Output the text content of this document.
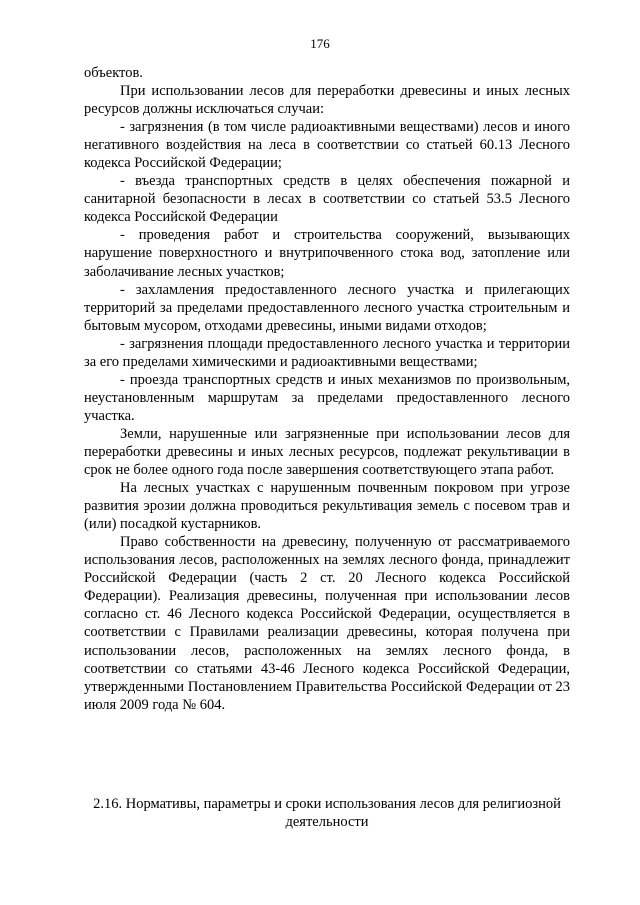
176

объектов.

При использовании лесов для переработки древесины и иных лесных ресурсов должны исключаться случаи:

- загрязнения (в том числе радиоактивными веществами) лесов и иного негативного воздействия на леса в соответствии со статьей 60.13 Лесного кодекса Российской Федерации;

- въезда транспортных средств в целях обеспечения пожарной и санитарной безопасности в лесах в соответствии со статьей 53.5 Лесного кодекса Российской Федерации

- проведения работ и строительства сооружений, вызывающих нарушение поверхностного и внутрипочвенного стока вод, затопление или заболачивание лесных участков;

- захламления предоставленного лесного участка и прилегающих территорий за пределами предоставленного лесного участка строительным и бытовым мусором, отходами древесины, иными видами отходов;

- загрязнения площади предоставленного лесного участка и территории за его пределами химическими и радиоактивными веществами;

- проезда транспортных средств и иных механизмов по произвольным, неустановленным маршрутам за пределами предоставленного лесного участка.

Земли, нарушенные или загрязненные при использовании лесов для переработки древесины и иных лесных ресурсов, подлежат рекультивации в срок не более одного года после завершения соответствующего этапа работ.

На лесных участках с нарушенным почвенным покровом при угрозе развития эрозии должна проводиться рекультивация земель с посевом трав и (или) посадкой кустарников.

Право собственности на древесину, полученную от рассматриваемого использования лесов, расположенных на землях лесного фонда, принадлежит Российской Федерации (часть 2 ст. 20 Лесного кодекса Российской Федерации). Реализация древесины, полученная при использовании лесов согласно ст. 46 Лесного кодекса Российской Федерации, осуществляется в соответствии с Правилами реализации древесины, которая получена при использовании лесов, расположенных на землях лесного фонда, в соответствии со статьями 43-46 Лесного кодекса Российской Федерации, утвержденными Постановлением Правительства Российской Федерации от 23 июля 2009 года № 604.

2.16. Нормативы, параметры и сроки использования лесов для религиозной деятельности
